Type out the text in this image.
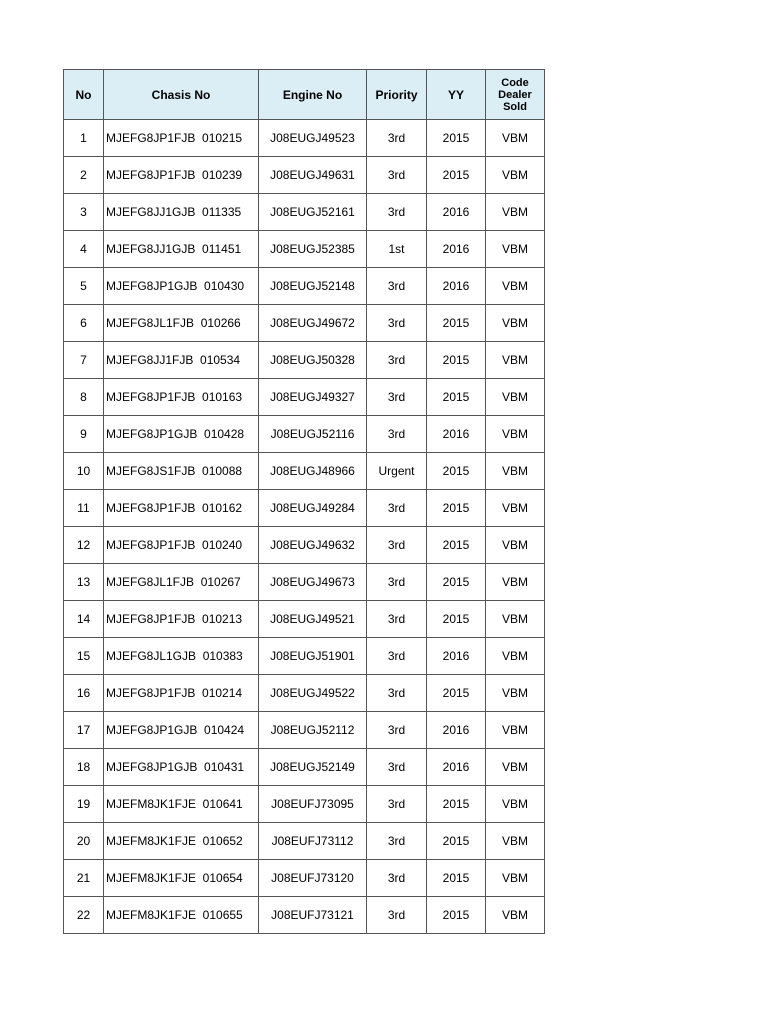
No	Chasis No	Engine No	Priority	YY	Code
Dealer
Sold
1	MJEFG8JP1FJB  010215	J08EUGJ49523	3rd	2015	VBM
2	MJEFG8JP1FJB  010239	J08EUGJ49631	3rd	2015	VBM
3	MJEFG8JJ1GJB  011335	J08EUGJ52161	3rd	2016	VBM
4	MJEFG8JJ1GJB  011451	J08EUGJ52385	1st	2016	VBM
5	MJEFG8JP1GJB  010430	J08EUGJ52148	3rd	2016	VBM
6	MJEFG8JL1FJB  010266	J08EUGJ49672	3rd	2015	VBM
7	MJEFG8JJ1FJB  010534	J08EUGJ50328	3rd	2015	VBM
8	MJEFG8JP1FJB  010163	J08EUGJ49327	3rd	2015	VBM
9	MJEFG8JP1GJB  010428	J08EUGJ52116	3rd	2016	VBM
10	MJEFG8JS1FJB  010088	J08EUGJ48966	Urgent	2015	VBM
11	MJEFG8JP1FJB  010162	J08EUGJ49284	3rd	2015	VBM
12	MJEFG8JP1FJB  010240	J08EUGJ49632	3rd	2015	VBM
13	MJEFG8JL1FJB  010267	J08EUGJ49673	3rd	2015	VBM
14	MJEFG8JP1FJB  010213	J08EUGJ49521	3rd	2015	VBM
15	MJEFG8JL1GJB  010383	J08EUGJ51901	3rd	2016	VBM
16	MJEFG8JP1FJB  010214	J08EUGJ49522	3rd	2015	VBM
17	MJEFG8JP1GJB  010424	J08EUGJ52112	3rd	2016	VBM
18	MJEFG8JP1GJB  010431	J08EUGJ52149	3rd	2016	VBM
19	MJEFM8JK1FJE  010641	J08EUFJ73095	3rd	2015	VBM
20	MJEFM8JK1FJE  010652	J08EUFJ73112	3rd	2015	VBM
21	MJEFM8JK1FJE  010654	J08EUFJ73120	3rd	2015	VBM
22	MJEFM8JK1FJE  010655	J08EUFJ73121	3rd	2015	VBM
